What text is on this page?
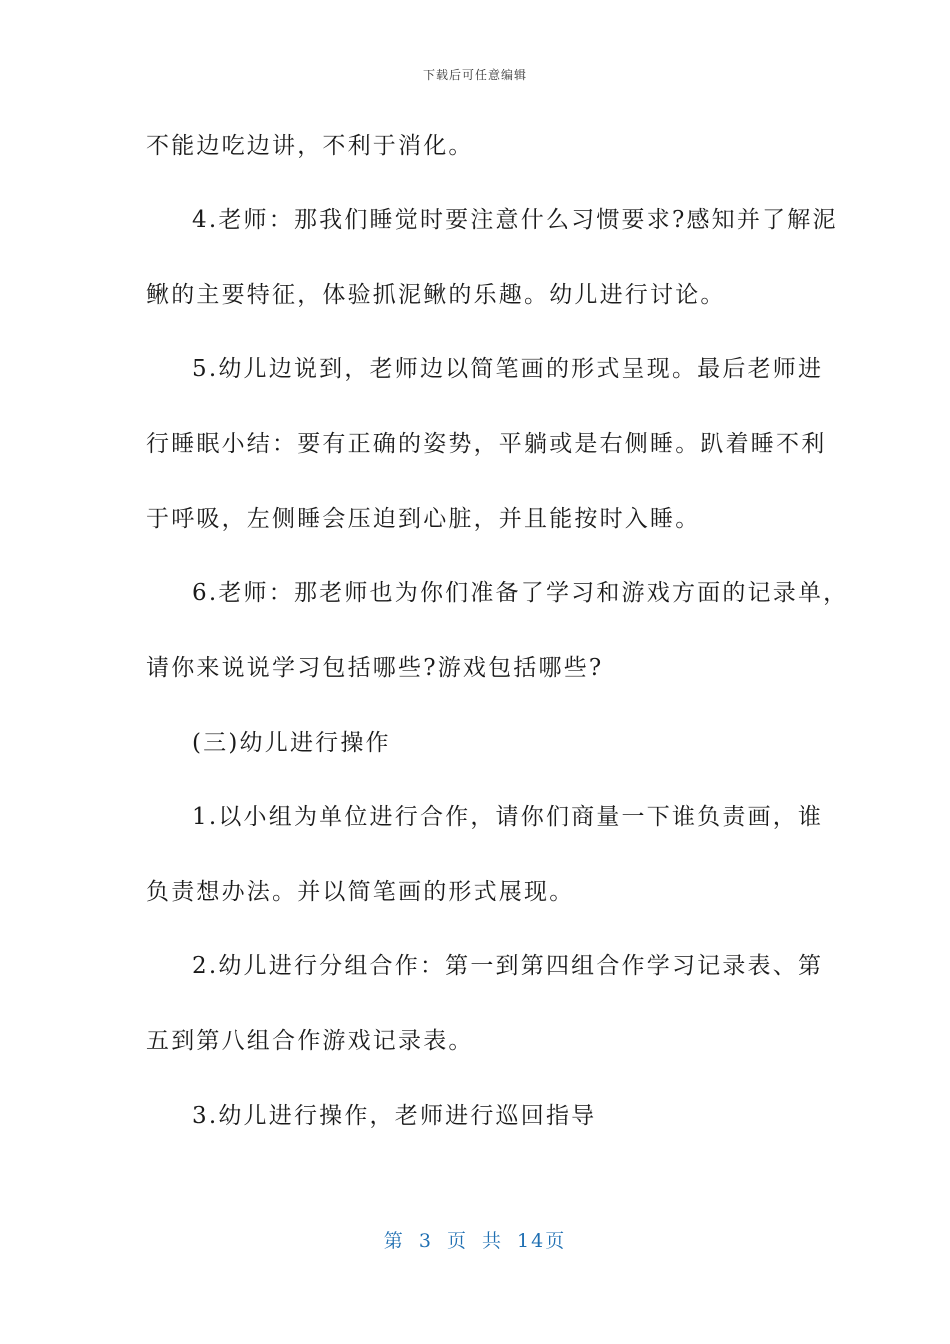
下载后可任意编辑
不能边吃边讲，不利于消化。
4.老师：那我们睡觉时要注意什么习惯要求?感知并了解泥
鳅的主要特征，体验抓泥鳅的乐趣。幼儿进行讨论。
5.幼儿边说到，老师边以简笔画的形式呈现。最后老师进
行睡眠小结：要有正确的姿势，平躺或是右侧睡。趴着睡不利
于呼吸，左侧睡会压迫到心脏，并且能按时入睡。
6.老师：那老师也为你们准备了学习和游戏方面的记录单，
请你来说说学习包括哪些?游戏包括哪些?
(三)幼儿进行操作
1.以小组为单位进行合作，请你们商量一下谁负责画，谁
负责想办法。并以简笔画的形式展现。
2.幼儿进行分组合作：第一到第四组合作学习记录表、第
五到第八组合作游戏记录表。
3.幼儿进行操作，老师进行巡回指导
第 3 页 共 14页
